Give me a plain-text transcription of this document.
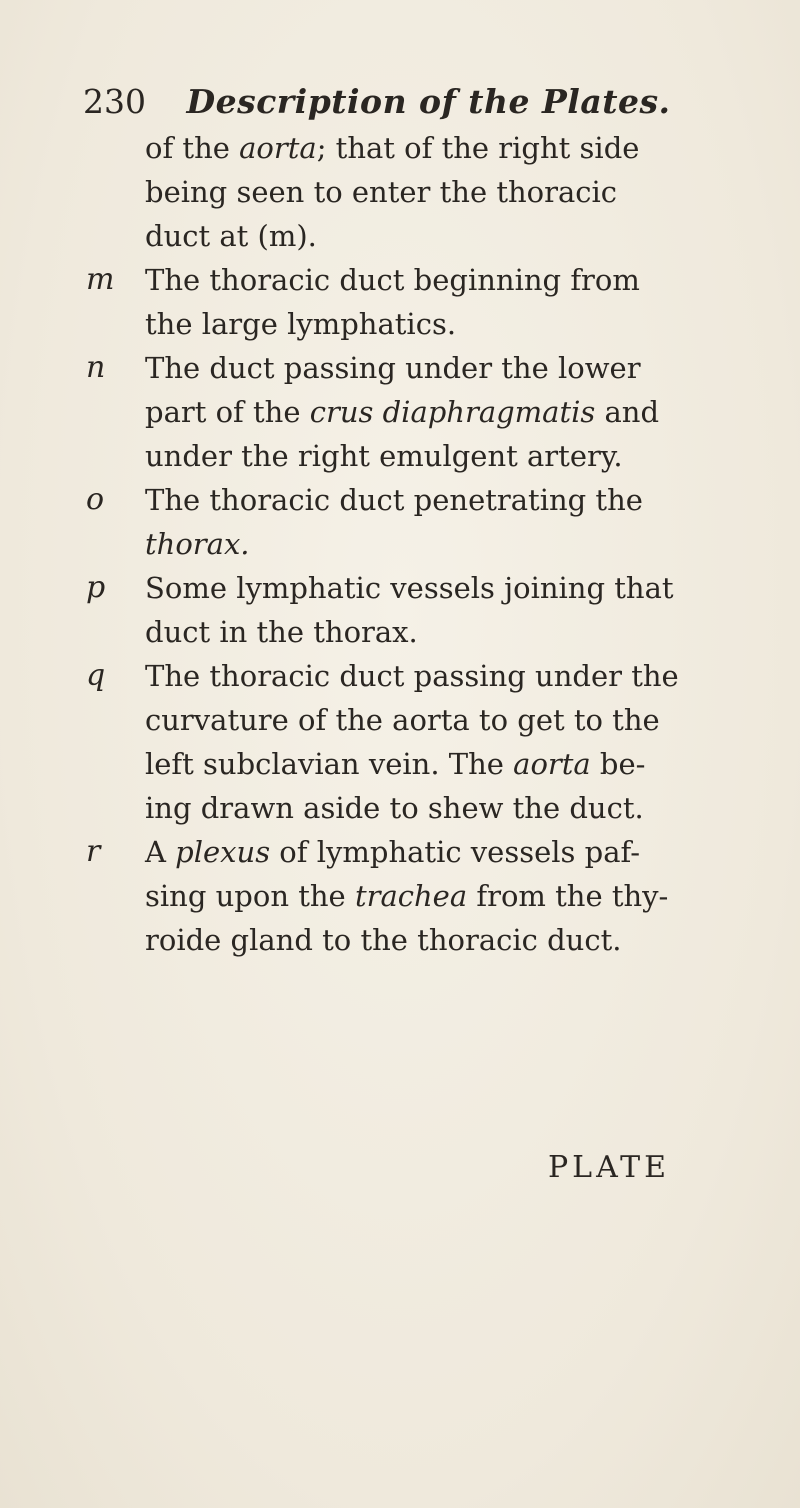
230 Description of the Plates.
of the aorta; that of the right side
being seen to enter the thoracic
duct at (m).
m The thoracic duct beginning from
the large lymphatics.
n The duct passing under the lower
part of the crus diaphragmatis and
under the right emulgent artery.
o The thoracic duct penetrating the
thorax.
p Some lymphatic vessels joining that
duct in the thorax.
q The thoracic duct passing under the
curvature of the aorta to get to the
left subclavian vein. The aorta be-
ing drawn aside to shew the duct.
r A plexus of lymphatic vessels paf-
sing upon the trachea from the thy-
roide gland to the thoracic duct.
PLATE
